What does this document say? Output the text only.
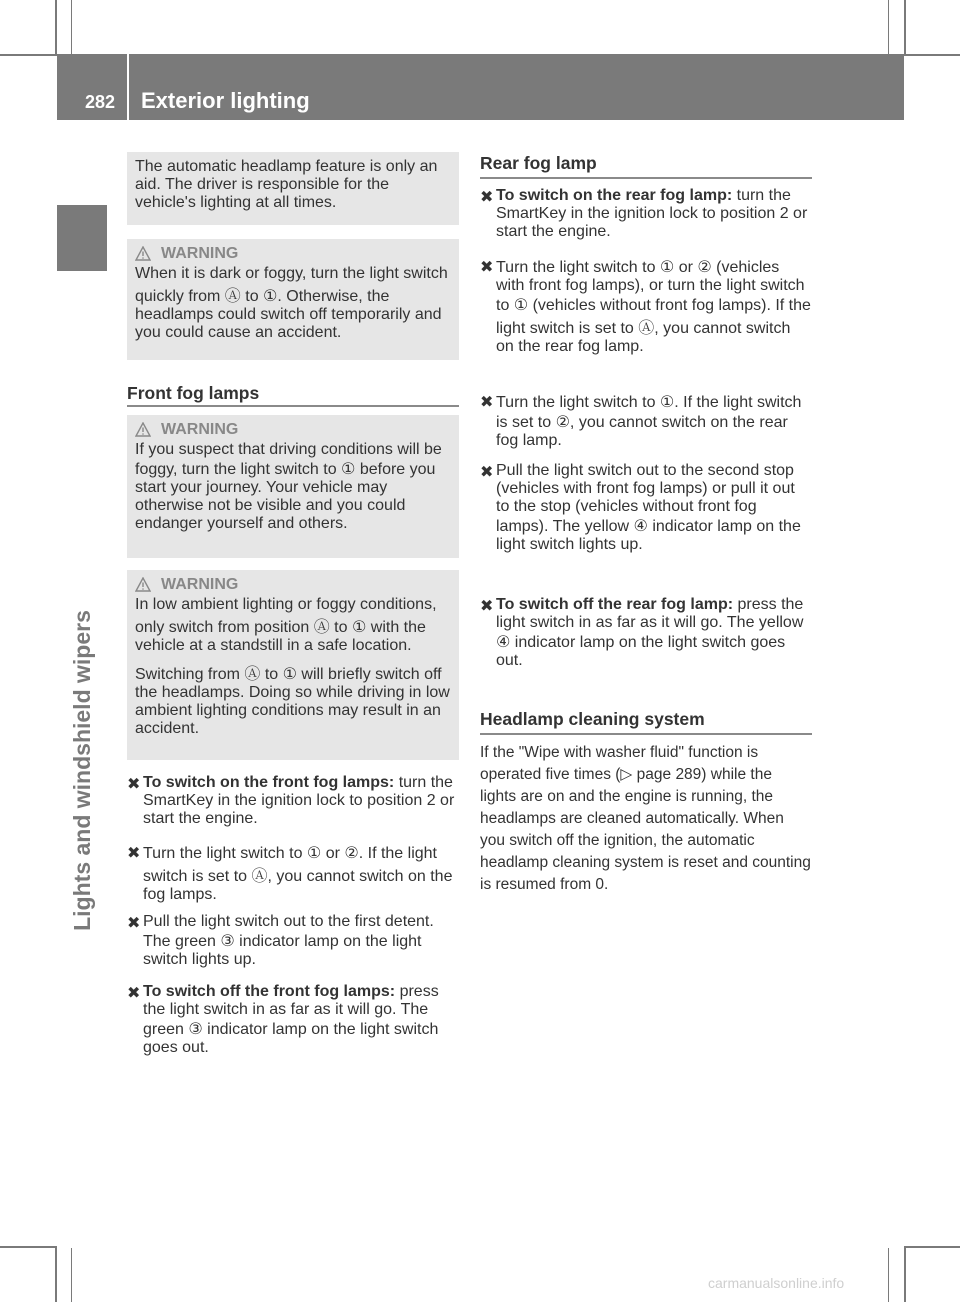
282 Exterior lighting
Lights and windshield wipers

The automatic headlamp feature is only an aid. The driver is responsible for the vehicle's lighting at all times.

WARNING

When it is dark or foggy, turn the light switch quickly from Ⓐ to ①. Otherwise, the headlamps could switch off temporarily and you could cause an accident.

Front fog lamps
WARNING

If you suspect that driving conditions will be foggy, turn the light switch to ① before you start your journey. Your vehicle may otherwise not be visible and you could endanger yourself and others.

WARNING

In low ambient lighting or foggy conditions, only switch from position Ⓐ to ① with the vehicle at a standstill in a safe location.

Switching from Ⓐ to ① will briefly switch off the headlamps. Doing so while driving in low ambient lighting conditions may result in an accident.

✖ To switch on the front fog lamps: turn the SmartKey in the ignition lock to position 2 or start the engine.

✖ Turn the light switch to ① or ②. If the light switch is set to Ⓐ, you cannot switch on the fog lamps.

✖ Pull the light switch out to the first detent. The green ③ indicator lamp on the light switch lights up.

✖ To switch off the front fog lamps: press the light switch in as far as it will go. The green ③ indicator lamp on the light switch goes out.

Rear fog lamp
✖ To switch on the rear fog lamp: turn the SmartKey in the ignition lock to position 2 or start the engine.

✖ Turn the light switch to ① or ② (vehicles with front fog lamps), or turn the light switch to ① (vehicles without front fog lamps). If the light switch is set to Ⓐ, you cannot switch on the rear fog lamp.

✖ Turn the light switch to ①. If the light switch is set to ②, you cannot switch on the rear fog lamp.

✖ Pull the light switch out to the second stop (vehicles with front fog lamps) or pull it out to the stop (vehicles without front fog lamps). The yellow ④ indicator lamp on the light switch lights up.

✖ To switch off the rear fog lamp: press the light switch in as far as it will go. The yellow ④ indicator lamp on the light switch goes out.

Headlamp cleaning system

If the "Wipe with washer fluid" function is operated five times (▷ page 289) while the lights are on and the engine is running, the headlamps are cleaned automatically. When you switch off the ignition, the automatic headlamp cleaning system is reset and counting is resumed from 0.

carmanualsonline.info
